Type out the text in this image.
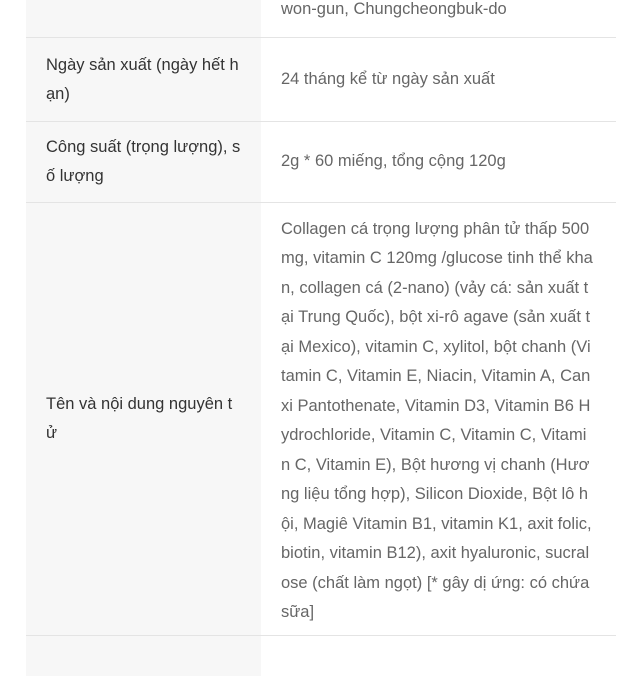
won-gun, Chungcheongbuk-do
Ngày sản xuất (ngày hết hạn)
24 tháng kể từ ngày sản xuất
Công suất (trọng lượng), số lượng
2g * 60 miếng, tổng cộng 120g
Tên và nội dung nguyên tử
Collagen cá trọng lượng phân tử thấp 500mg, vitamin C 120mg /glucose tinh thể khan, collagen cá (2-nano) (vảy cá: sản xuất tại Trung Quốc), bột xi-rô agave (sản xuất tại Mexico), vitamin C, xylitol, bột chanh (Vitamin C, Vitamin E, Niacin, Vitamin A, Canxi Pantothenate, Vitamin D3, Vitamin B6 Hydrochloride, Vitamin C, Vitamin C, Vitamin C, Vitamin E), Bột hương vị chanh (Hương liệu tổng hợp), Silicon Dioxide, Bột lô hội, Magiê Vitamin B1, vitamin K1, axit folic, biotin, vitamin B12), axit hyaluronic, sucralose (chất làm ngọt) [* gây dị ứng: có chứa sữa]
